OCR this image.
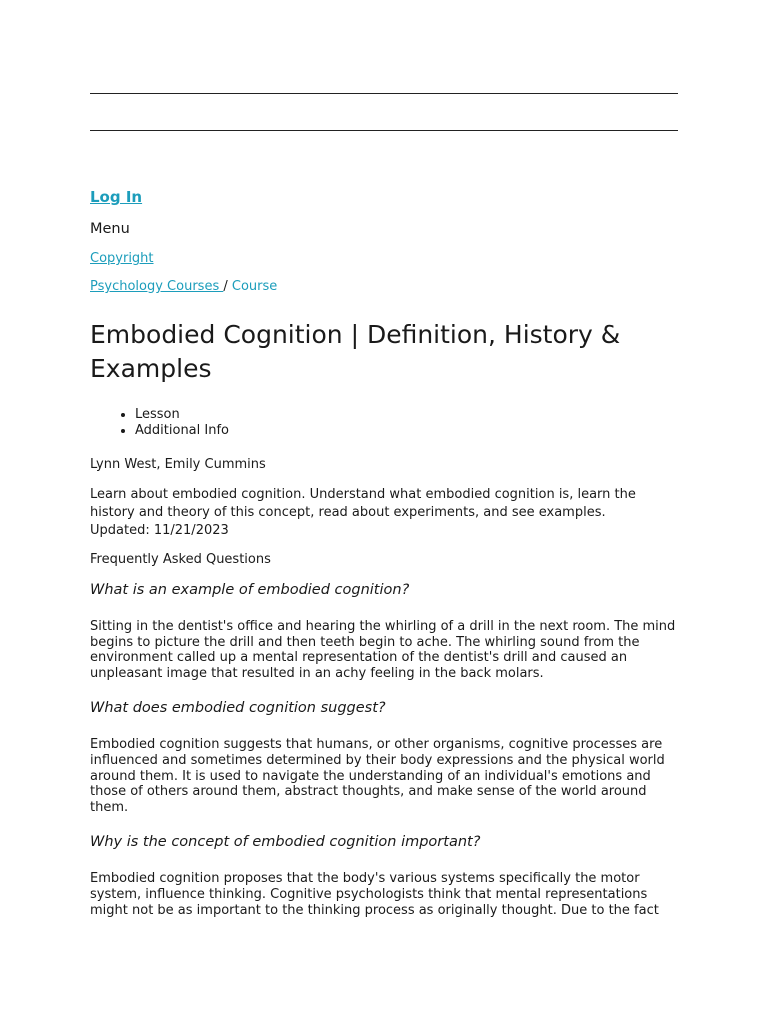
Log In
Menu
Copyright
Psychology Courses / Course
Embodied Cognition | Definition, History & Examples
• Lesson
• Additional Info
Lynn West, Emily Cummins
Learn about embodied cognition. Understand what embodied cognition is, learn the history and theory of this concept, read about experiments, and see examples. Updated: 11/21/2023
Frequently Asked Questions
What is an example of embodied cognition?
Sitting in the dentist's office and hearing the whirling of a drill in the next room. The mind begins to picture the drill and then teeth begin to ache. The whirling sound from the environment called up a mental representation of the dentist's drill and caused an unpleasant image that resulted in an achy feeling in the back molars.
What does embodied cognition suggest?
Embodied cognition suggests that humans, or other organisms, cognitive processes are influenced and sometimes determined by their body expressions and the physical world around them. It is used to navigate the understanding of an individual's emotions and those of others around them, abstract thoughts, and make sense of the world around them.
Why is the concept of embodied cognition important?
Embodied cognition proposes that the body's various systems specifically the motor system, influence thinking. Cognitive psychologists think that mental representations might not be as important to the thinking process as originally thought. Due to the fact
